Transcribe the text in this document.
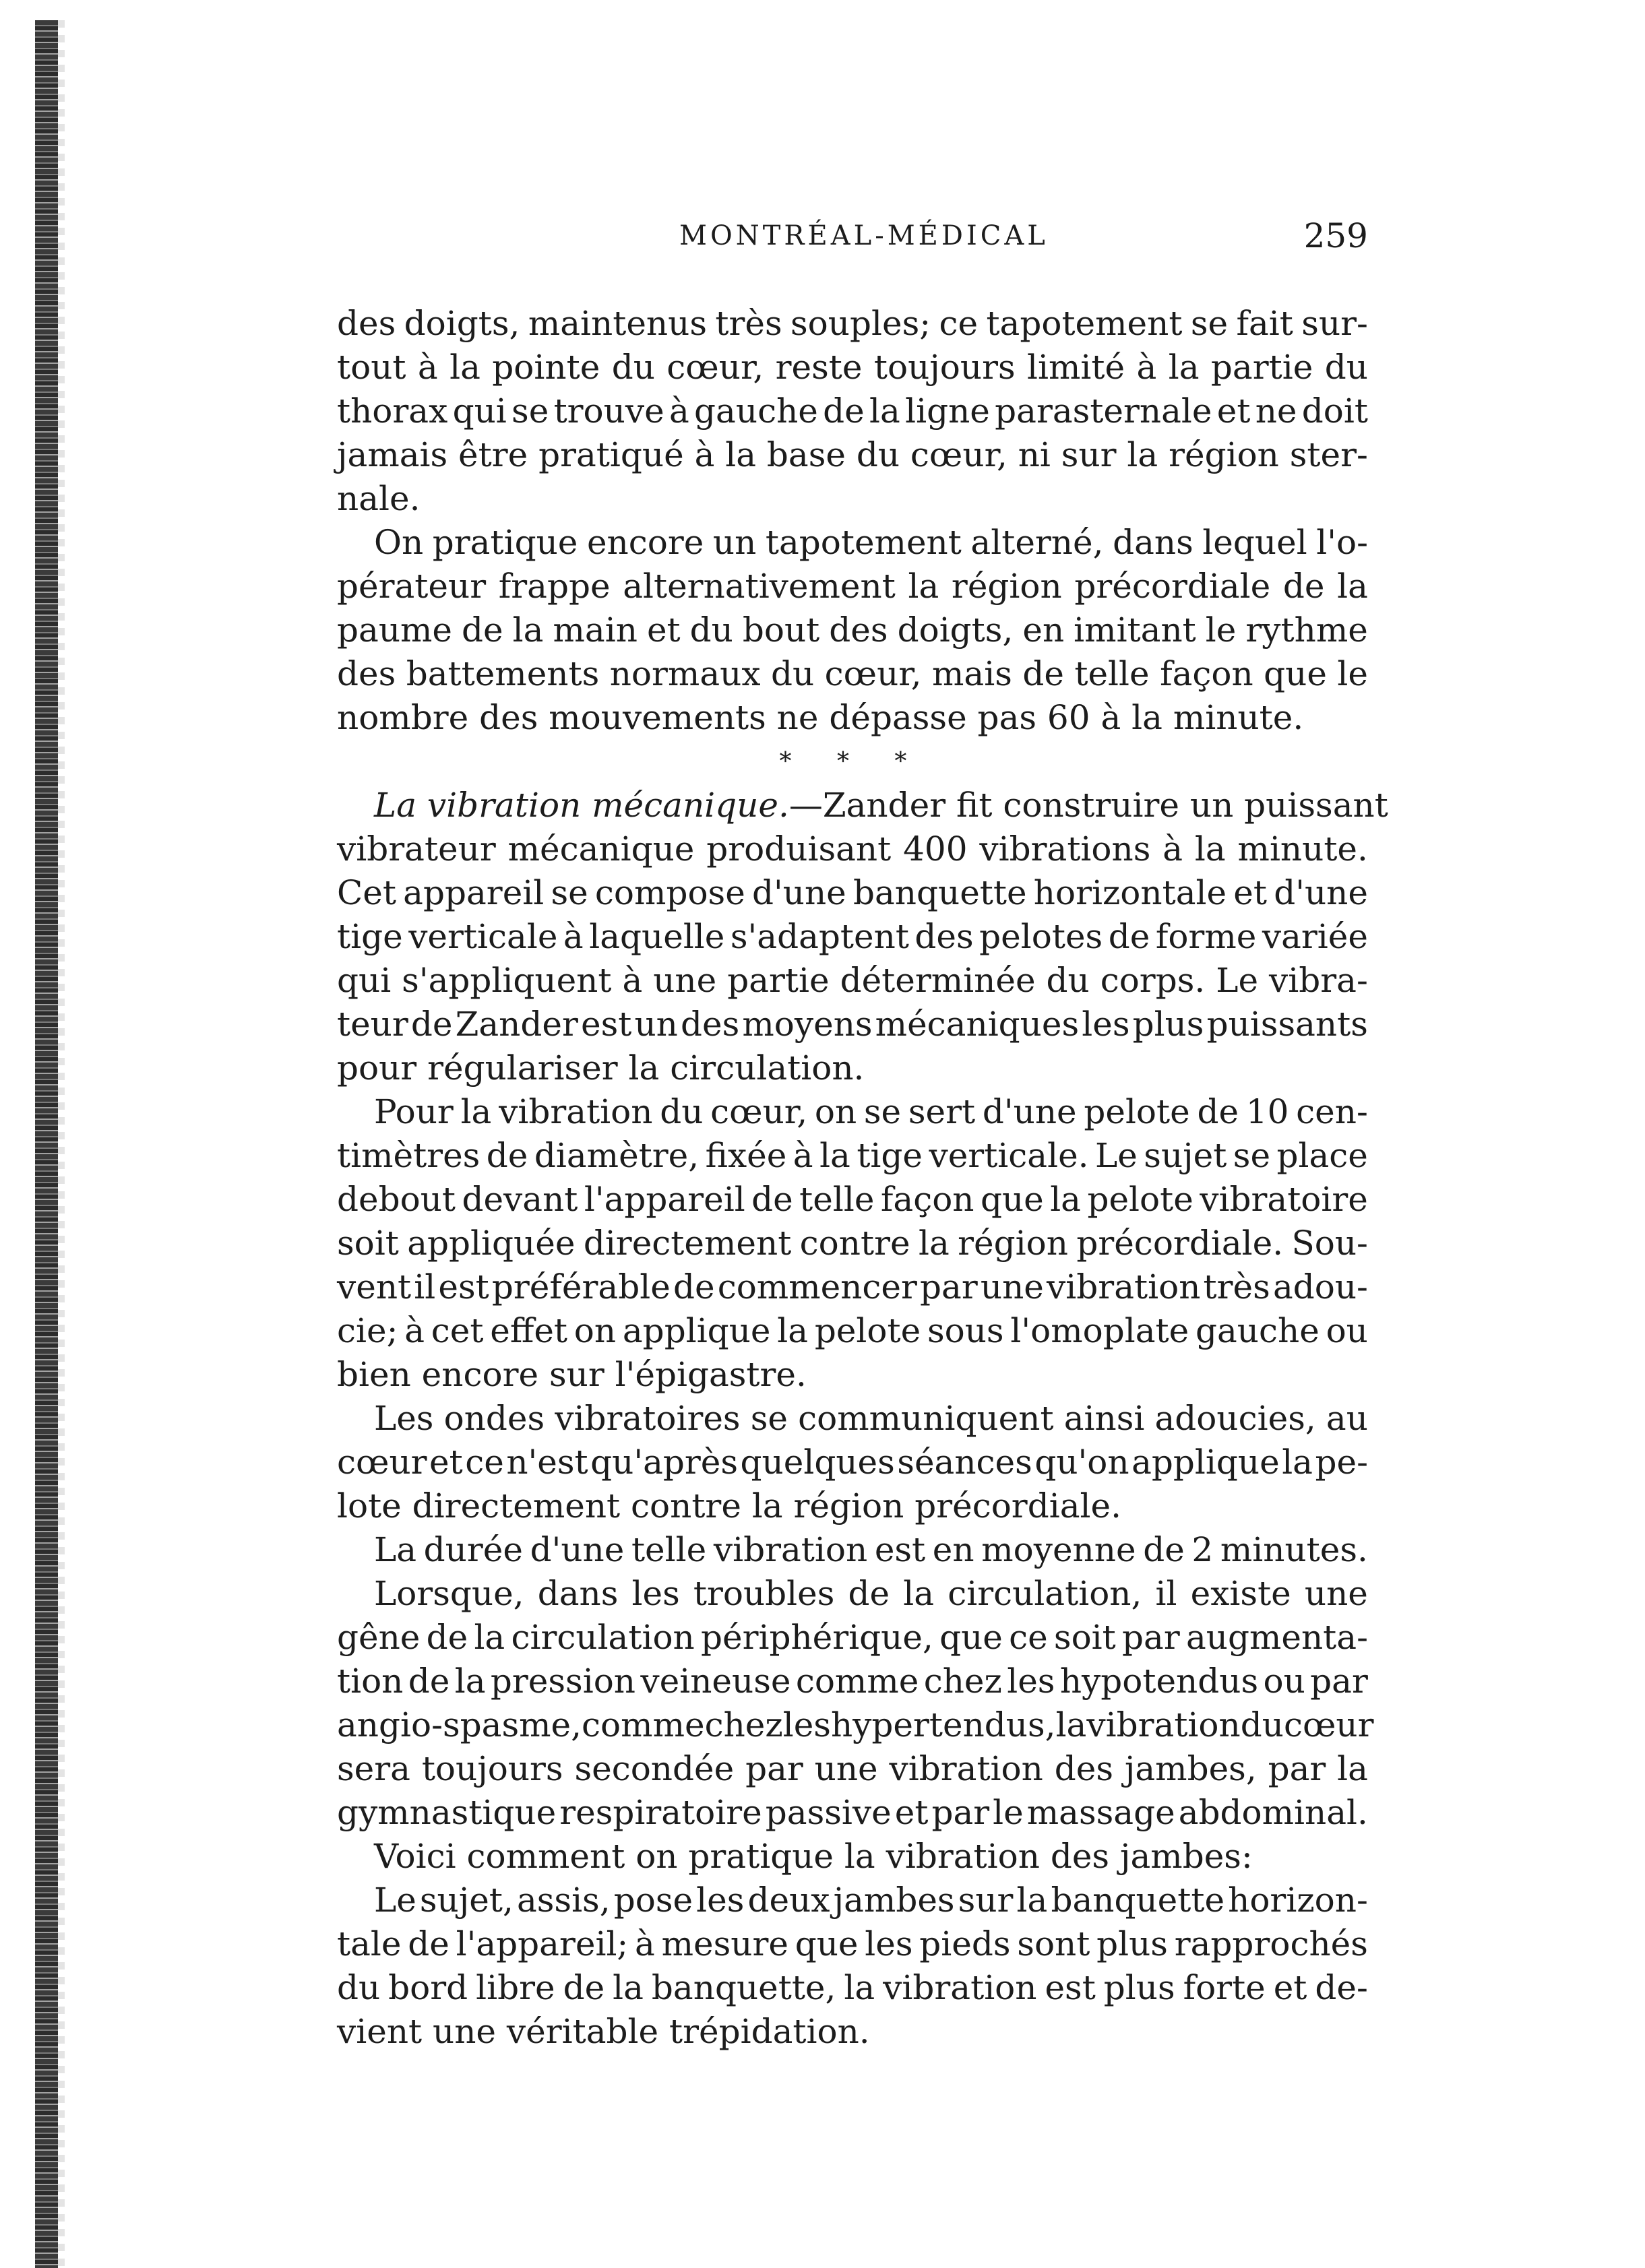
MONTRÉAL-MÉDICAL	259
des doigts, maintenus très souples; ce tapotement se fait sur-
tout à la pointe du cœur, reste toujours limité à la partie du
thorax qui se trouve à gauche de la ligne parasternale et ne doit
jamais être pratiqué à la base du cœur, ni sur la région ster-
nale.
On pratique encore un tapotement alterné, dans lequel l'o-
pérateur frappe alternativement la région précordiale de la
paume de la main et du bout des doigts, en imitant le rythme
des battements normaux du cœur, mais de telle façon que le
nombre des mouvements ne dépasse pas 60 à la minute.
* * *
La vibration mécanique.—Zander fit construire un puissant
vibrateur mécanique produisant 400 vibrations à la minute.
Cet appareil se compose d'une banquette horizontale et d'une
tige verticale à laquelle s'adaptent des pelotes de forme variée
qui s'appliquent à une partie déterminée du corps. Le vibra-
teur de Zander est un des moyens mécaniques les plus puissants
pour régulariser la circulation.
Pour la vibration du cœur, on se sert d'une pelote de 10 cen-
timètres de diamètre, fixée à la tige verticale. Le sujet se place
debout devant l'appareil de telle façon que la pelote vibratoire
soit appliquée directement contre la région précordiale. Sou-
vent il est préférable de commencer par une vibration très adou-
cie; à cet effet on applique la pelote sous l'omoplate gauche ou
bien encore sur l'épigastre.
Les ondes vibratoires se communiquent ainsi adoucies, au
cœur et ce n'est qu'après quelques séances qu'on applique la pe-
lote directement contre la région précordiale.
La durée d'une telle vibration est en moyenne de 2 minutes.
Lorsque, dans les troubles de la circulation, il existe une
gêne de la circulation périphérique, que ce soit par augmenta-
tion de la pression veineuse comme chez les hypotendus ou par
angio-spasme, comme chez les hypertendus, la vibration du cœur
sera toujours secondée par une vibration des jambes, par la
gymnastique respiratoire passive et par le massage abdominal.
Voici comment on pratique la vibration des jambes:
Le sujet, assis, pose les deux jambes sur la banquette horizon-
tale de l'appareil; à mesure que les pieds sont plus rapprochés
du bord libre de la banquette, la vibration est plus forte et de-
vient une véritable trépidation.
